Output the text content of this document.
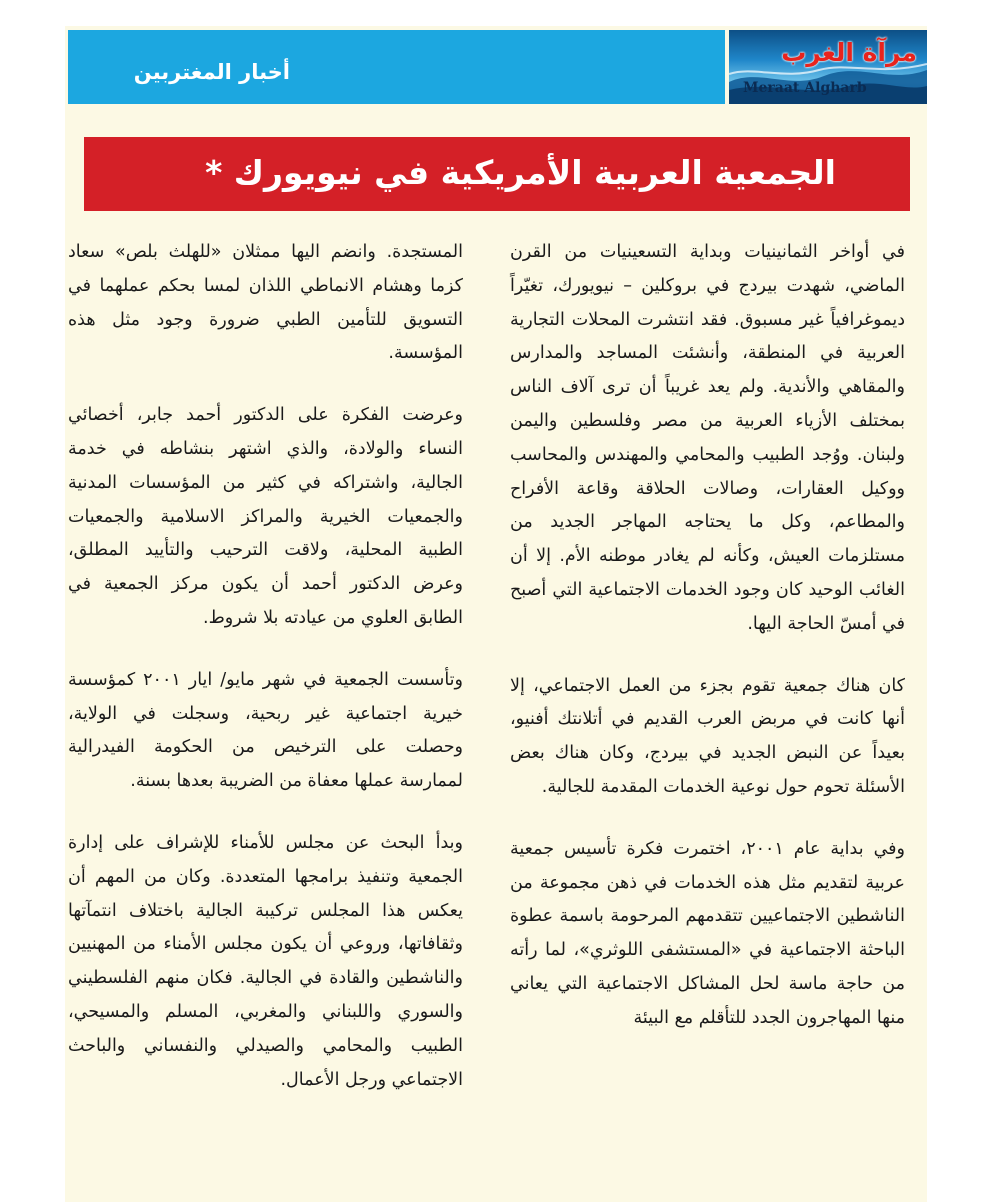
أخبار المغتربين
مرآة الغرب
Meraat Algharb
الجمعية العربية الأمريكية في نيويورك *

في أواخر الثمانينيات وبداية التسعينيات من القرن الماضي، شهدت بيردج في بروكلين – نيويورك، تغيّراً ديموغرافياً غير مسبوق. فقد انتشرت المحلات التجارية العربية في المنطقة، وأنشئت المساجد والمدارس والمقاهي والأندية. ولم يعد غريباً أن ترى آلاف الناس بمختلف الأزياء العربية من مصر وفلسطين واليمن ولبنان. ووُجد الطبيب والمحامي والمهندس والمحاسب ووكيل العقارات، وصالات الحلاقة وقاعة الأفراح والمطاعم، وكل ما يحتاجه المهاجر الجديد من مستلزمات العيش، وكأنه لم يغادر موطنه الأم. إلا أن الغائب الوحيد كان وجود الخدمات الاجتماعية التي أصبح في أمسّ الحاجة اليها.

كان هناك جمعية تقوم بجزء من العمل الاجتماعي، إلا أنها كانت في مربض العرب القديم في أتلانتك أفنيو، بعيداً عن النبض الجديد في بيردج، وكان هناك بعض الأسئلة تحوم حول نوعية الخدمات المقدمة للجالية.

وفي بداية عام ٢٠٠١، اختمرت فكرة تأسيس جمعية عربية لتقديم مثل هذه الخدمات في ذهن مجموعة من الناشطين الاجتماعيين تتقدمهم المرحومة باسمة عطوة الباحثة الاجتماعية في «المستشفى اللوثري»، لما رأته من حاجة ماسة لحل المشاكل الاجتماعية التي يعاني منها المهاجرون الجدد للتأقلم مع البيئة

المستجدة. وانضم اليها ممثلان «للهلث بلص» سعاد كزما وهشام الانماطي اللذان لمسا بحكم عملهما في التسويق للتأمين الطبي ضرورة وجود مثل هذه المؤسسة.

وعرضت الفكرة على الدكتور أحمد جابر، أخصائي النساء والولادة، والذي اشتهر بنشاطه في خدمة الجالية، واشتراكه في كثير من المؤسسات المدنية والجمعيات الخيرية والمراكز الاسلامية والجمعيات الطبية المحلية، ولاقت الترحيب والتأييد المطلق، وعرض الدكتور أحمد أن يكون مركز الجمعية في الطابق العلوي من عيادته بلا شروط.

وتأسست الجمعية في شهر مايو/ ايار ٢٠٠١ كمؤسسة خيرية اجتماعية غير ربحية، وسجلت في الولاية، وحصلت على الترخيص من الحكومة الفيدرالية لممارسة عملها معفاة من الضريبة بعدها بسنة.

وبدأ البحث عن مجلس للأمناء للإشراف على إدارة الجمعية وتنفيذ برامجها المتعددة. وكان من المهم أن يعكس هذا المجلس تركيبة الجالية باختلاف انتمآتها وثقافاتها، وروعي أن يكون مجلس الأمناء من المهنيين والناشطين والقادة في الجالية. فكان منهم الفلسطيني والسوري واللبناني والمغربي، المسلم والمسيحي، الطبيب والمحامي والصيدلي والنفساني والباحث الاجتماعي ورجل الأعمال.
